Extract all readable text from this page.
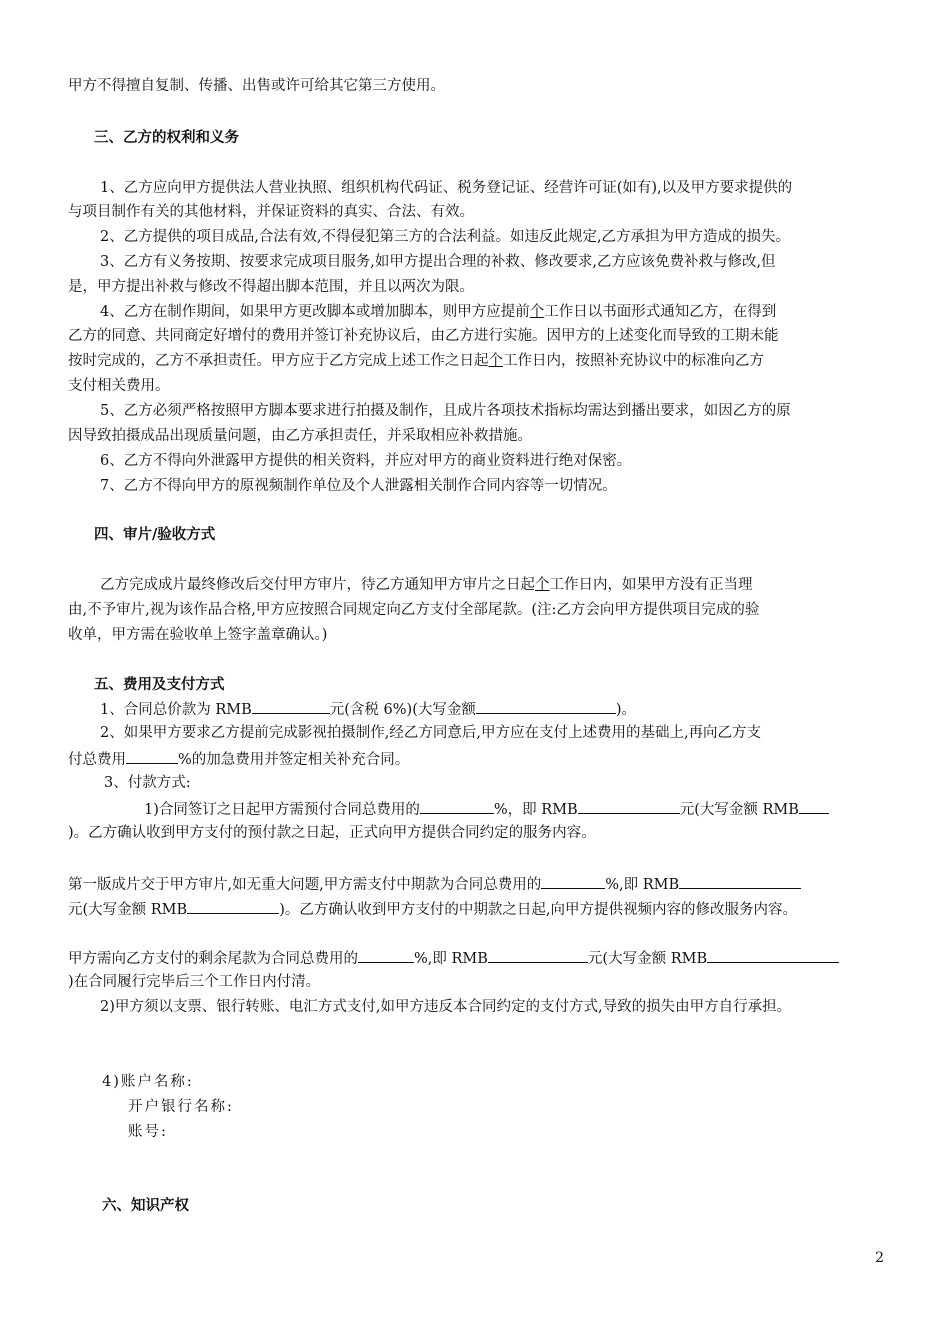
甲方不得擅自复制、传播、出售或许可给其它第三方使用。
三、乙方的权利和义务
1、乙方应向甲方提供法人营业执照、组织机构代码证、税务登记证、经营许可证(如有),以及甲方要求提供的
与项目制作有关的其他材料，并保证资料的真实、合法、有效。
2、乙方提供的项目成品,合法有效,不得侵犯第三方的合法利益。如违反此规定,乙方承担为甲方造成的损失。
3、乙方有义务按期、按要求完成项目服务,如甲方提出合理的补救、修改要求,乙方应该免费补救与修改,但
是，甲方提出补救与修改不得超出脚本范围，并且以两次为限。
4、乙方在制作期间，如果甲方更改脚本或增加脚本，则甲方应提前个工作日以书面形式通知乙方，在得到
乙方的同意、共同商定好增付的费用并签订补充协议后，由乙方进行实施。因甲方的上述变化而导致的工期未能
按时完成的，乙方不承担责任。甲方应于乙方完成上述工作之日起个工作日内，按照补充协议中的标准向乙方
支付相关费用。
5、乙方必须严格按照甲方脚本要求进行拍摄及制作，且成片各项技术指标均需达到播出要求，如因乙方的原
因导致拍摄成品出现质量问题，由乙方承担责任，并采取相应补救措施。
6、乙方不得向外泄露甲方提供的相关资料，并应对甲方的商业资料进行绝对保密。
7、乙方不得向甲方的原视频制作单位及个人泄露相关制作合同内容等一切情况。
四、审片/验收方式
乙方完成成片最终修改后交付甲方审片，待乙方通知甲方审片之日起个工作日内，如果甲方没有正当理
由,不予审片,视为该作品合格,甲方应按照合同规定向乙方支付全部尾款。(注:乙方会向甲方提供项目完成的验
收单，甲方需在验收单上签字盖章确认。)
五、费用及支付方式
1、合同总价款为 RMB	元(含税 6%)(大写金额	)。
2、如果甲方要求乙方提前完成影视拍摄制作,经乙方同意后,甲方应在支付上述费用的基础上,再向乙方支
付总费用	%的加急费用并签定相关补充合同。
3、付款方式:
1)合同签订之日起甲方需预付合同总费用的	%，即 RMB	元(大写金额 RMB
)。乙方确认收到甲方支付的预付款之日起，正式向甲方提供合同约定的服务内容。
第一版成片交于甲方审片,如无重大问题,甲方需支付中期款为合同总费用的	%,即 RMB
元(大写金额 RMB	)。乙方确认收到甲方支付的中期款之日起,向甲方提供视频内容的修改服务内容。
甲方需向乙方支付的剩余尾款为合同总费用的	%,即 RMB	元(大写金额 RMB
)在合同履行完毕后三个工作日内付清。
2)甲方须以支票、银行转账、电汇方式支付,如甲方违反本合同约定的支付方式,导致的损失由甲方自行承担。
4)账户名称:
开户银行名称:
账号:
六、知识产权
2
